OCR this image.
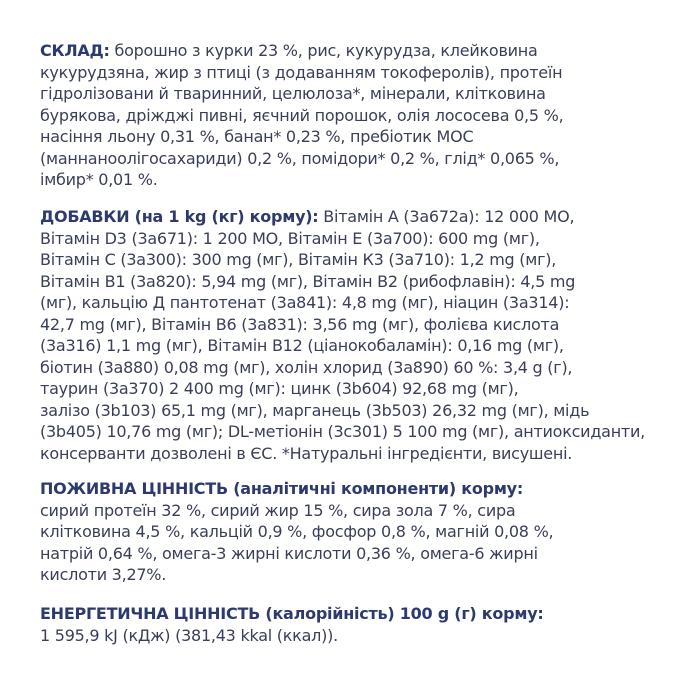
СКЛАД: борошно з курки 23 %, рис, кукурудза, клейковина
кукурудзяна, жир з птиці (з додаванням токоферолів), протеїн
гідролізовани й тваринний, целюлоза*, мінерали, клітковина
бурякова, дріжджі пивні, яєчний порошок, олія лососева 0,5 %,
насіння льону 0,31 %, банан* 0,23 %, пребіотик МОС
(маннаноолігосахариди) 0,2 %, помідори* 0,2 %, глід* 0,065 %,
імбир* 0,01 %.
ДОБАВКИ (на 1 kg (кг) корму): Вітамін А (3а672а): 12 000 МО,
Вітамін D3 (3а671): 1 200 МО, Вітамін Е (3а700): 600 mg (мг),
Вітамін С (3а300): 300 mg (мг), Вітамін К3 (3а710): 1,2 mg (мг),
Вітамін В1 (3а820): 5,94 mg (мг), Вітамін В2 (рибофлавін): 4,5 mg
(мг), кальцію Д пантотенат (3а841): 4,8 mg (мг), ніацин (3а314):
42,7 mg (мг), Вітамін В6 (3а831): 3,56 mg (мг), фолієва кислота
(3а316) 1,1 mg (мг), Вітамін В12 (ціанокобаламін): 0,16 mg (мг),
біотин (3а880) 0,08 mg (мг), холін хлорид (3а890) 60 %: 3,4 g (г),
таурин (3а370) 2 400 mg (мг): цинк (3b604) 92,68 mg (мг),
залізо (3b103) 65,1 mg (мг), марганець (3b503) 26,32 mg (мг), мідь
(3b405) 10,76 mg (мг); DL-метіонін (3c301) 5 100 mg (мг), антиоксиданти,
консерванти дозволені в ЄС. *Натуральні інгредієнти, висушені.
ПОЖИВНА ЦІННІСТЬ (аналітичні компоненти) корму:
сирий протеїн 32 %, сирий жир 15 %, сира зола 7 %, сира
клітковина 4,5 %, кальцій 0,9 %, фосфор 0,8 %, магній 0,08 %,
натрій 0,64 %, омега-3 жирні кислоти 0,36 %, омега-6 жирні
кислоти 3,27%.
ЕНЕРГЕТИЧНА ЦІННІСТЬ (калорійність) 100 g (г) корму:
1 595,9 kJ (кДж) (381,43 kkal (ккал)).
